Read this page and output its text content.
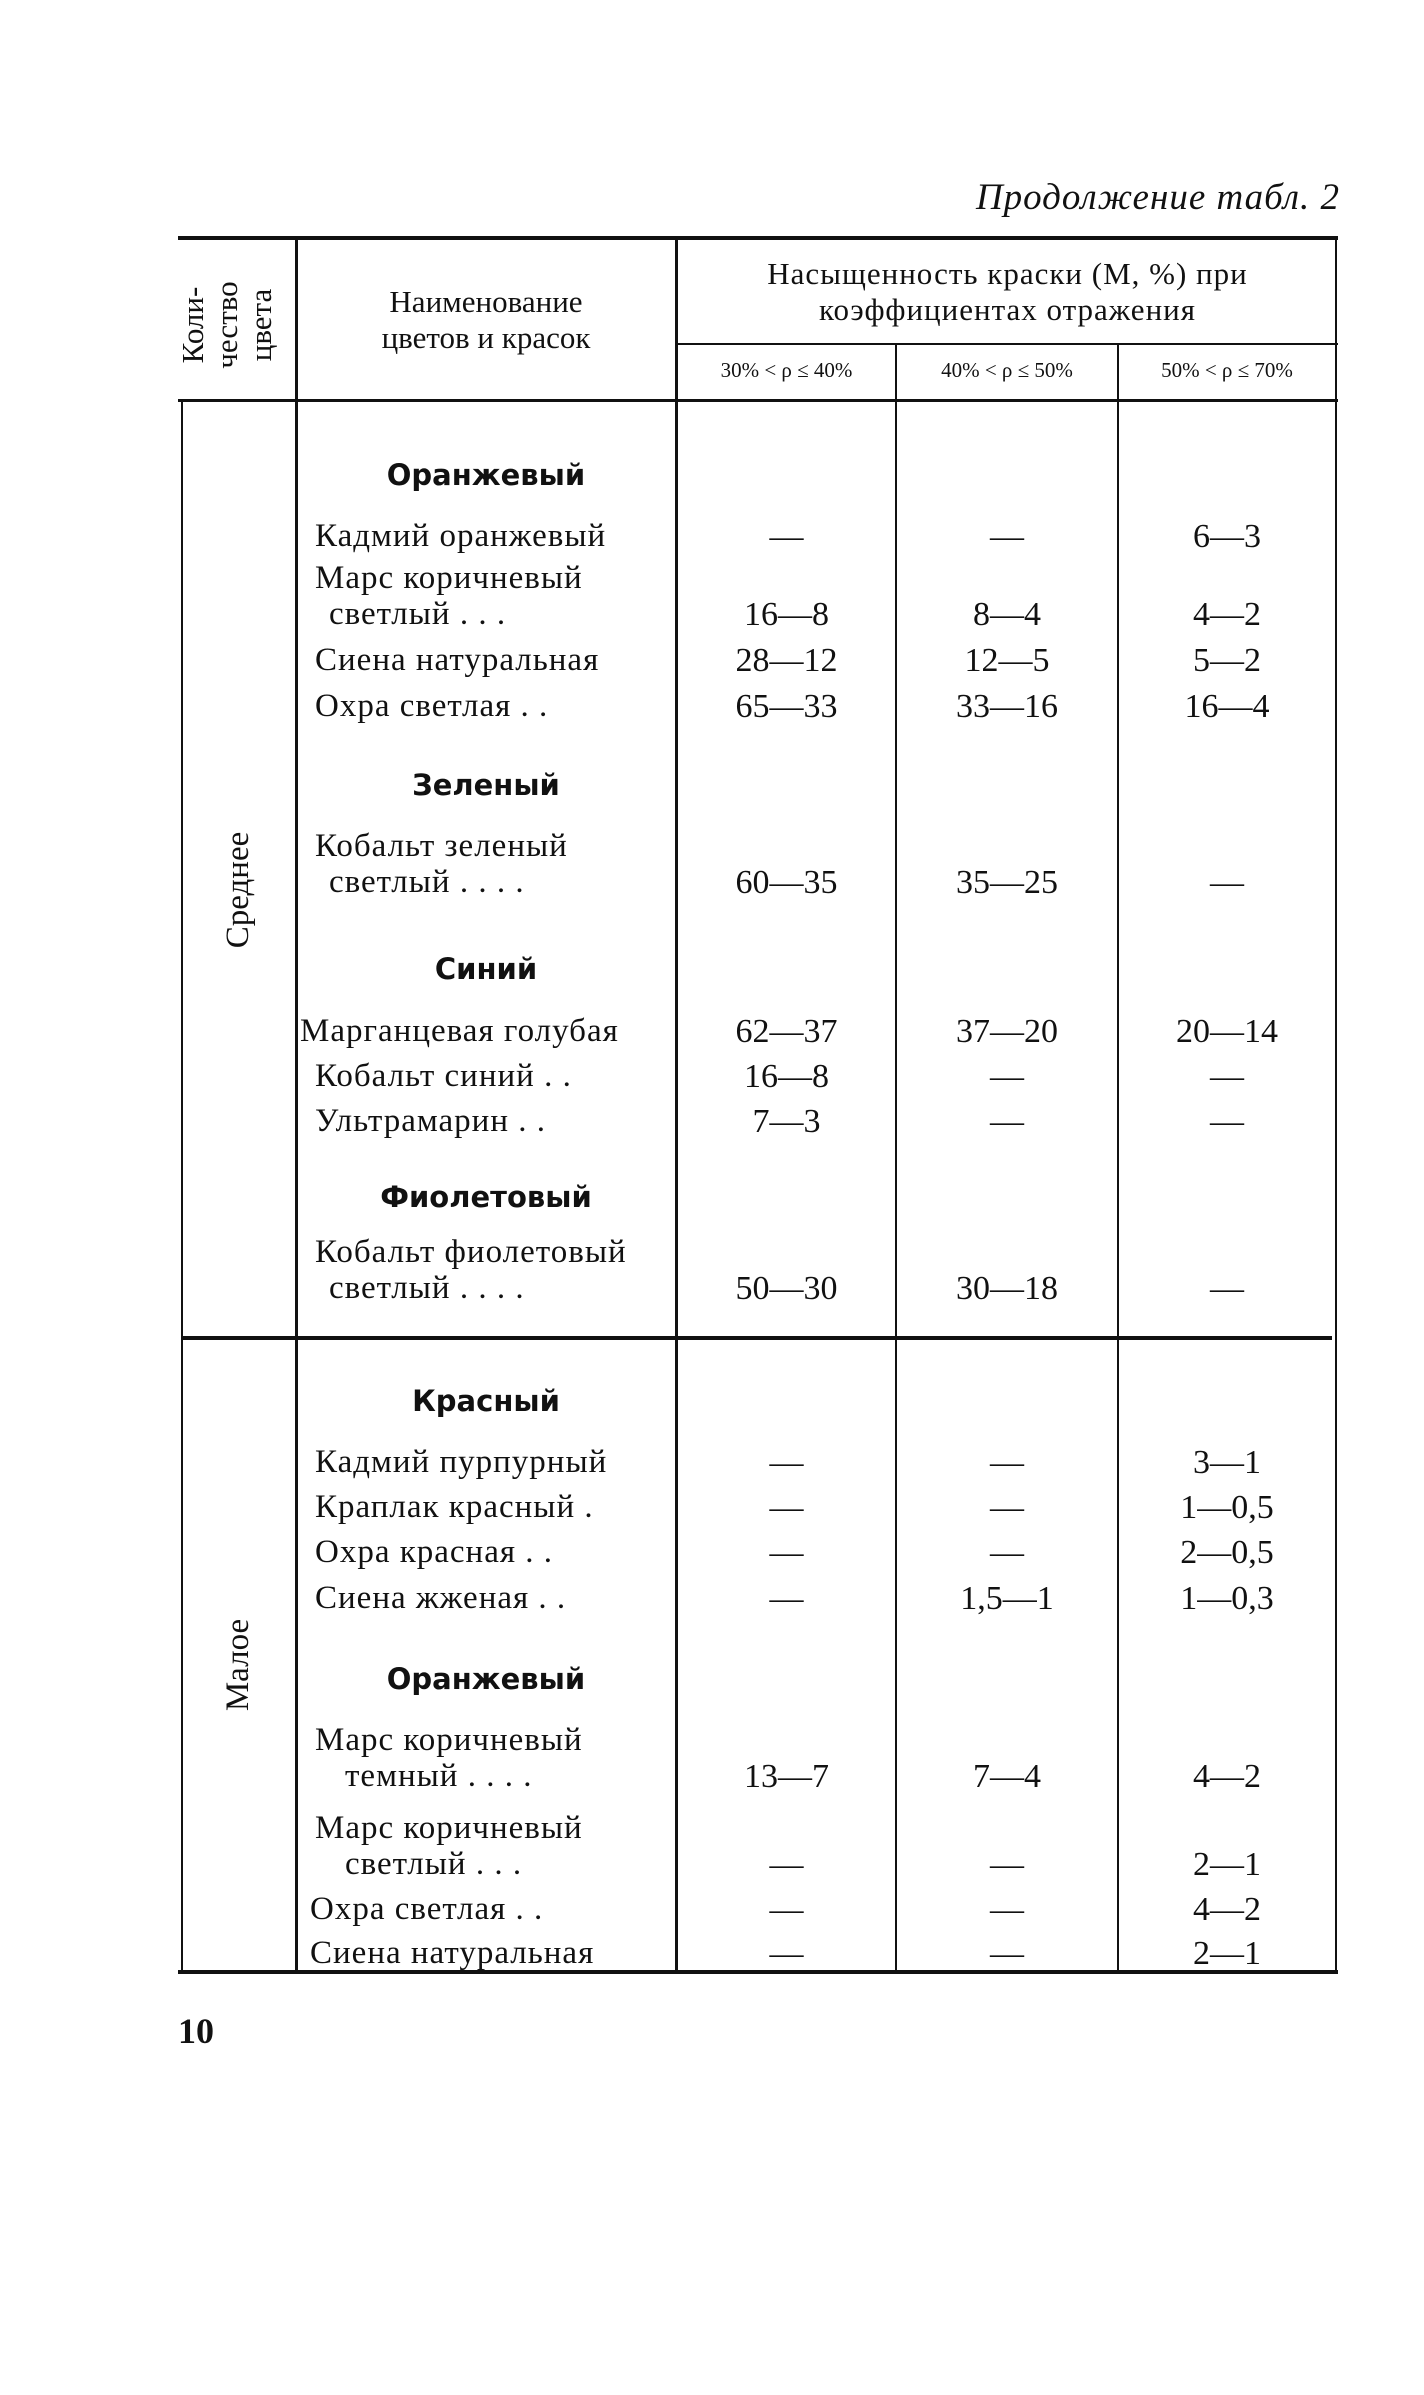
Продолжение табл. 2
Коли- чество цвета	Наименование
цветов и красок
Насыщенность краски (M, %) при
коэффициентах отражения
30% < ρ ≤ 40%	40% < ρ ≤ 50%	50% < ρ ≤ 70%
Среднее
Малое
Оранжевый
Кадмий оранжевый	—	—	6—3
Марс коричневый
светлый . . .	16—8	8—4	4—2
Сиена натуральная	28—12	12—5	5—2
Охра светлая . .	65—33	33—16	16—4
Зеленый
Кобальт зеленый
светлый . . . .	60—35	35—25	—
Синий
Марганцевая голубая	62—37	37—20	20—14
Кобальт синий . .	16—8	—	—
Ультрамарин . .	7—3	—	—
Фиолетовый
Кобальт фиолетовый
светлый . . . .	50—30	30—18	—
Красный
Кадмий пурпурный	—	—	3—1
Краплак красный .	—	—	1—0,5
Охра красная . .	—	—	2—0,5
Сиена жженая . .	—	1,5—1	1—0,3
Оранжевый
Марс коричневый
темный . . . .	13—7	7—4	4—2
Марс коричневый
светлый . . .	—	—	2—1
Охра светлая . .	—	—	4—2
Сиена натуральная	—	—	2—1
10
